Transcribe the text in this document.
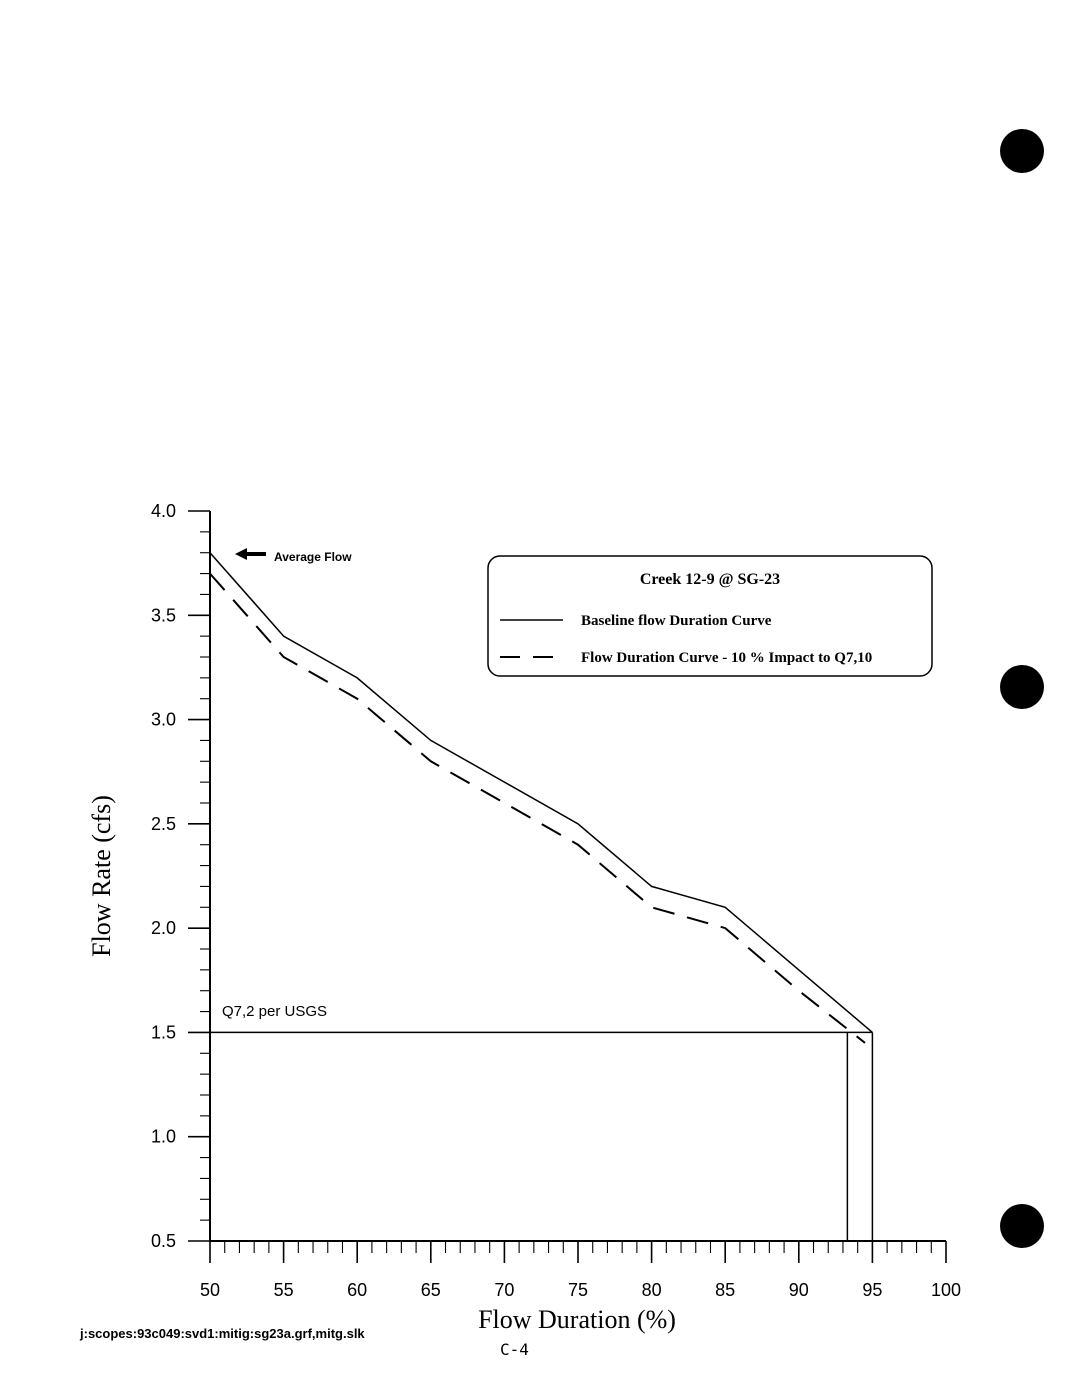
0.5
1.0
1.5
2.0
2.5
3.0
3.5
4.0
50	55	60	65	70	75	80	85	90	95	100
Creek 12-9 @ SG-23
Baseline flow Duration Curve
Flow Duration Curve - 10 % Impact to Q7,10
Average Flow
Q7,2 per USGS
Flow Duration (%)
Flow Rate (cfs)
j:scopes:93c049:svd1:mitig:sg23a.grf,mitg.slk
C-4
